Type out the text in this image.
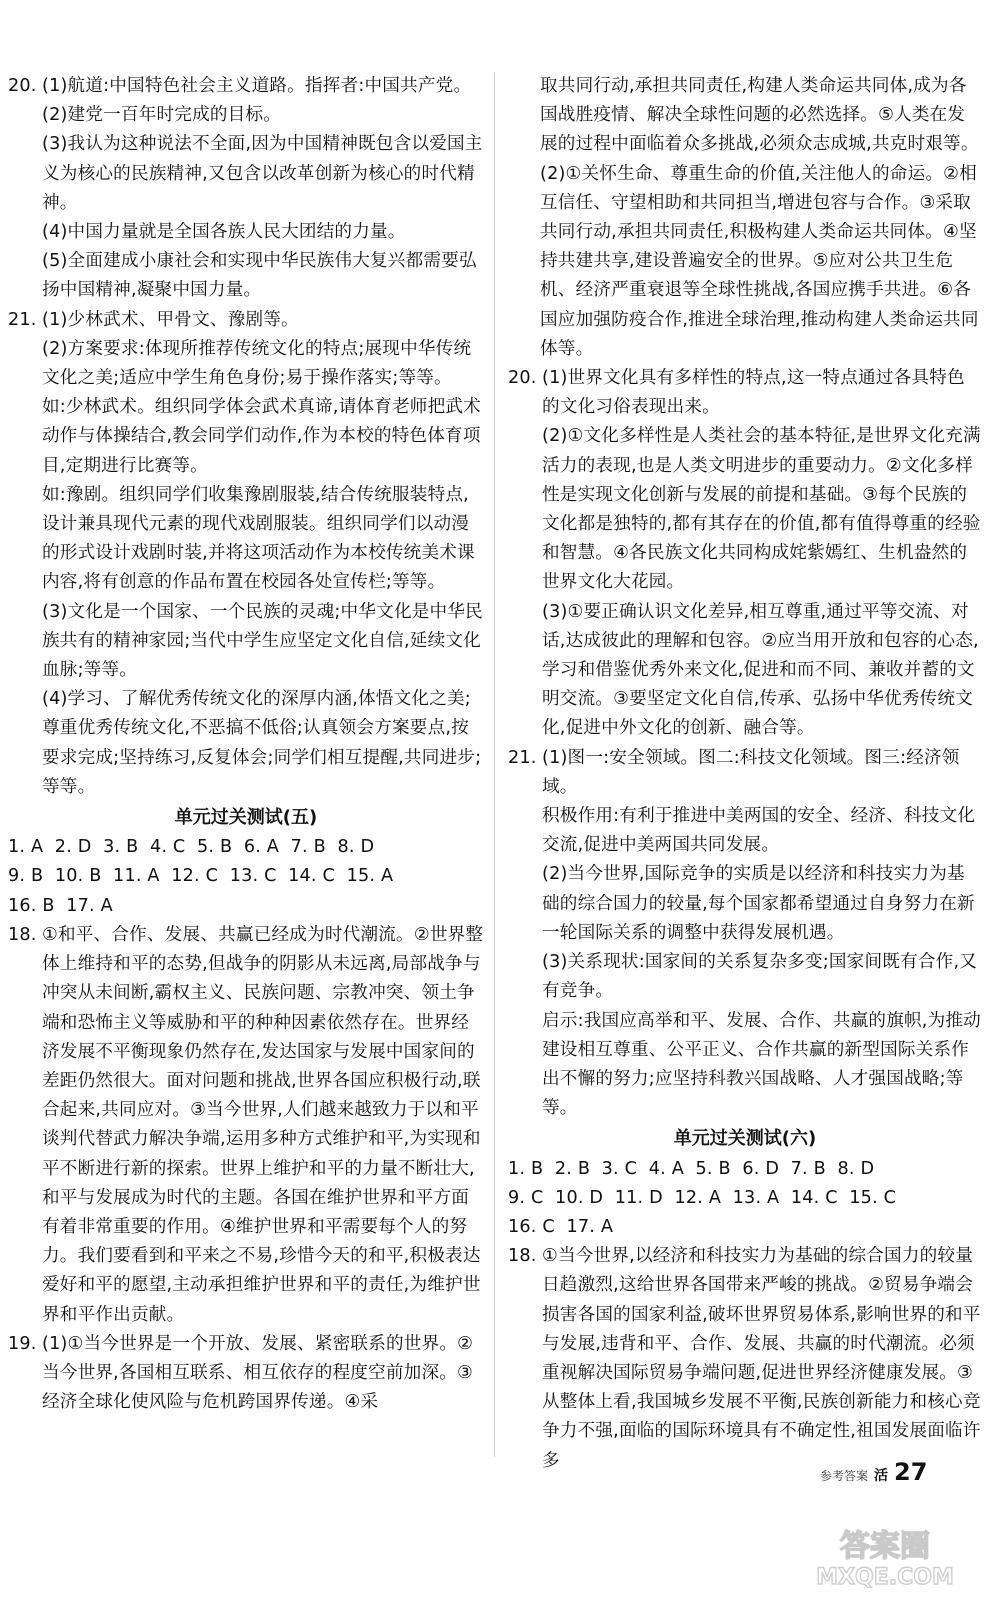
20. (1)航道:中国特色社会主义道路。指挥者:中国共产党。
(2)建党一百年时完成的目标。
(3)我认为这种说法不全面,因为中国精神既包含以爱国主义为核心的民族精神,又包含以改革创新为核心的时代精神。
(4)中国力量就是全国各族人民大团结的力量。
(5)全面建成小康社会和实现中华民族伟大复兴都需要弘扬中国精神,凝聚中国力量。
21. (1)少林武术、甲骨文、豫剧等。
(2)方案要求:体现所推荐传统文化的特点;展现中华传统文化之美;适应中学生角色身份;易于操作落实;等等。
如:少林武术。组织同学体会武术真谛,请体育老师把武术动作与体操结合,教会同学们动作,作为本校的特色体育项目,定期进行比赛等。
如:豫剧。组织同学们收集豫剧服装,结合传统服装特点,设计兼具现代元素的现代戏剧服装。组织同学们以动漫的形式设计戏剧时装,并将这项活动作为本校传统美术课内容,将有创意的作品布置在校园各处宣传栏;等等。
(3)文化是一个国家、一个民族的灵魂;中华文化是中华民族共有的精神家园;当代中学生应坚定文化自信,延续文化血脉;等等。
(4)学习、了解优秀传统文化的深厚内涵,体悟文化之美;尊重优秀传统文化,不恶搞不低俗;认真领会方案要点,按要求完成;坚持练习,反复体会;同学们相互提醒,共同进步;等等。
单元过关测试(五)
1. A  2. D  3. B  4. C  5. B  6. A  7. B  8. D
9. B  10. B  11. A  12. C  13. C  14. C  15. A
16. B  17. A
18. ①和平、合作、发展、共赢已经成为时代潮流。②世界整体上维持和平的态势,但战争的阴影从未远离,局部战争与冲突从未间断,霸权主义、民族问题、宗教冲突、领土争端和恐怖主义等威胁和平的种种因素依然存在。世界经济发展不平衡现象仍然存在,发达国家与发展中国家间的差距仍然很大。面对问题和挑战,世界各国应积极行动,联合起来,共同应对。③当今世界,人们越来越致力于以和平谈判代替武力解决争端,运用多种方式维护和平,为实现和平不断进行新的探索。世界上维护和平的力量不断壮大,和平与发展成为时代的主题。各国在维护世界和平方面有着非常重要的作用。④维护世界和平需要每个人的努力。我们要看到和平来之不易,珍惜今天的和平,积极表达爱好和平的愿望,主动承担维护世界和平的责任,为维护世界和平作出贡献。
19. (1)①当今世界是一个开放、发展、紧密联系的世界。②当今世界,各国相互联系、相互依存的程度空前加深。③经济全球化使风险与危机跨国界传递。④采
取共同行动,承担共同责任,构建人类命运共同体,成为各国战胜疫情、解决全球性问题的必然选择。⑤人类在发展的过程中面临着众多挑战,必须众志成城,共克时艰等。
(2)①关怀生命、尊重生命的价值,关注他人的命运。②相互信任、守望相助和共同担当,增进包容与合作。③采取共同行动,承担共同责任,积极构建人类命运共同体。④坚持共建共享,建设普遍安全的世界。⑤应对公共卫生危机、经济严重衰退等全球性挑战,各国应携手共进。⑥各国应加强防疫合作,推进全球治理,推动构建人类命运共同体等。
20. (1)世界文化具有多样性的特点,这一特点通过各具特色的文化习俗表现出来。
(2)①文化多样性是人类社会的基本特征,是世界文化充满活力的表现,也是人类文明进步的重要动力。②文化多样性是实现文化创新与发展的前提和基础。③每个民族的文化都是独特的,都有其存在的价值,都有值得尊重的经验和智慧。④各民族文化共同构成姹紫嫣红、生机盎然的世界文化大花园。
(3)①要正确认识文化差异,相互尊重,通过平等交流、对话,达成彼此的理解和包容。②应当用开放和包容的心态,学习和借鉴优秀外来文化,促进和而不同、兼收并蓄的文明交流。③要坚定文化自信,传承、弘扬中华优秀传统文化,促进中外文化的创新、融合等。
21. (1)图一:安全领域。图二:科技文化领域。图三:经济领域。
积极作用:有利于推进中美两国的安全、经济、科技文化交流,促进中美两国共同发展。
(2)当今世界,国际竞争的实质是以经济和科技实力为基础的综合国力的较量,每个国家都希望通过自身努力在新一轮国际关系的调整中获得发展机遇。
(3)关系现状:国家间的关系复杂多变;国家间既有合作,又有竞争。
启示:我国应高举和平、发展、合作、共赢的旗帜,为推动建设相互尊重、公平正义、合作共赢的新型国际关系作出不懈的努力;应坚持科教兴国战略、人才强国战略;等等。
单元过关测试(六)
1. B  2. B  3. C  4. A  5. B  6. D  7. B  8. D
9. C  10. D  11. D  12. A  13. A  14. C  15. C
16. C  17. A
18. ①当今世界,以经济和科技实力为基础的综合国力的较量日趋激烈,这给世界各国带来严峻的挑战。②贸易争端会损害各国的国家利益,破坏世界贸易体系,影响世界的和平与发展,违背和平、合作、发展、共赢的时代潮流。必须重视解决国际贸易争端问题,促进世界经济健康发展。③从整体上看,我国城乡发展不平衡,民族创新能力和核心竞争力不强,面临的国际环境具有不确定性,祖国发展面临许多
参考答案 活 27
答案圈
MXQE.COM
